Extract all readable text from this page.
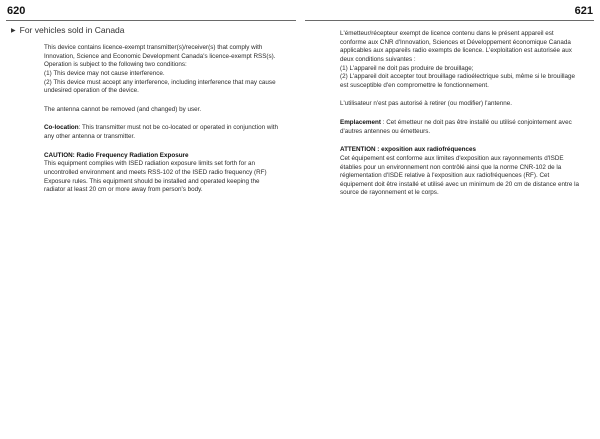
620	621
▶ For vehicles sold in Canada

This device contains licence-exempt transmitter(s)/receiver(s) that comply with Innovation, Science and Economic Development Canada's licence-exempt RSS(s). Operation is subject to the following two conditions:
(1) This device may not cause interference.
(2) This device must accept any interference, including interference that may cause undesired operation of the device.

The antenna cannot be removed (and changed) by user.

Co-location: This transmitter must not be co-located or operated in conjunction with any other antenna or transmitter.

CAUTION: Radio Frequency Radiation Exposure
This equipment complies with ISED radiation exposure limits set forth for an uncontrolled environment and meets RSS-102 of the ISED radio frequency (RF) Exposure rules. This equipment should be installed and operated keeping the radiator at least 20 cm or more away from person's body.

L'émetteur/récepteur exempt de licence contenu dans le présent appareil est conforme aux CNR d'Innovation, Sciences et Développement économique Canada applicables aux appareils radio exempts de licence. L'exploitation est autorisée aux deux conditions suivantes :
(1) L'appareil ne doit pas produire de brouillage;
(2) L'appareil doit accepter tout brouillage radioélectrique subi, même si le brouillage est susceptible d'en compromettre le fonctionnement.

L'utilisateur n'est pas autorisé à retirer (ou modifier) l'antenne.

Emplacement : Cet émetteur ne doit pas être installé ou utilisé conjointement avec d'autres antennes ou émetteurs.

ATTENTION : exposition aux radiofréquences
Cet équipement est conforme aux limites d'exposition aux rayonnements d'ISDE établies pour un environnement non contrôlé ainsi que la norme CNR-102 de la réglementation d'ISDE relative à l'exposition aux radiofréquences (RF). Cet équipement doit être installé et utilisé avec un minimum de 20 cm de distance entre la source de rayonnement et le corps.
